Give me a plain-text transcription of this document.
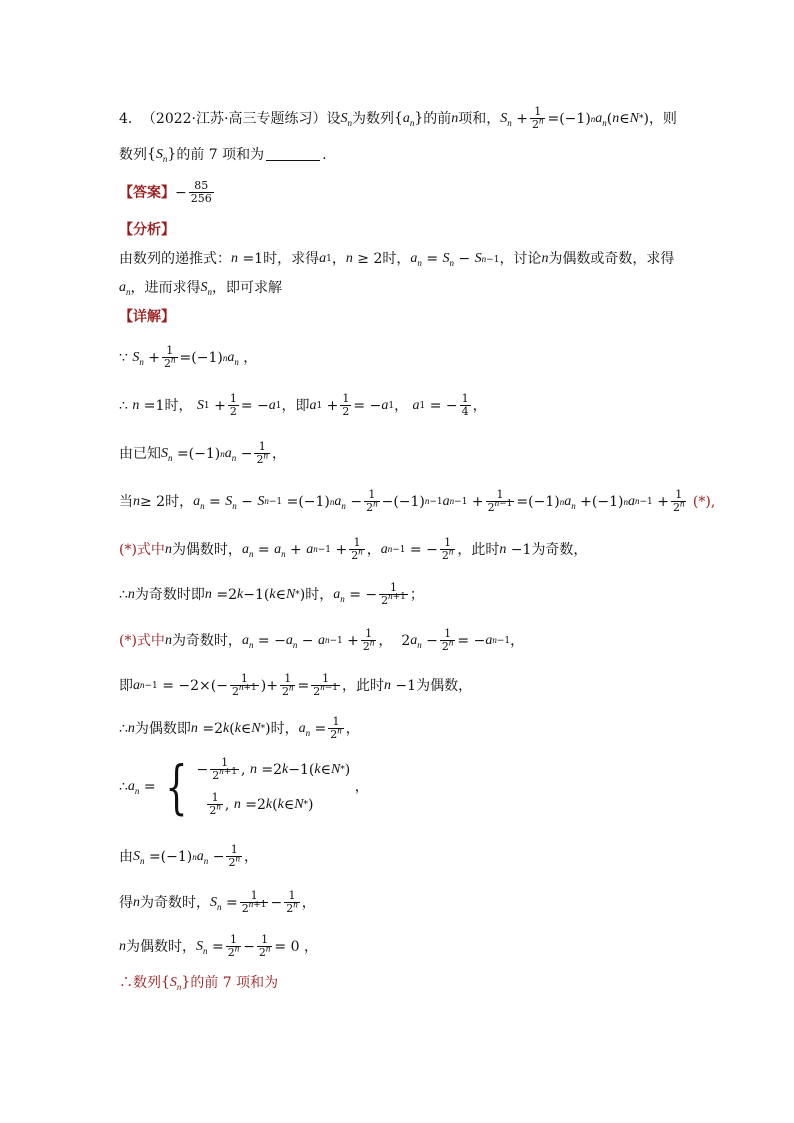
4． （2022·江苏·高三专题练习） 设 $S_n$ 为数列 $\{a_n\}$ 的前 n 项和， $S_n + \frac{1}{2^n} =(-1)$ n $a_n$ ( n ∈ N * ) ，则
数列 $\{S_n\}$ 的前 7 项和为	.
【答案】 − $\frac{85}{256}$
【分析】
由数列的递推式： n =1 时，求得 a 1 ， n ≥ 2 时， $a_n = S_n - S$ n−1 ，讨论 n 为偶数或奇数，求得
$a_n$ ，进而求得 $S_n$ ，即可求解
【详解】
∵ $S_n + \frac{1}{2^n} =(-1)$ n $a_n$ ，
∴ n =1时， S $1 + \frac{1}{2}$ = − a 1 ，即 a $1 + \frac{1}{2}$ = − a 1 ， a 1 = − $\frac{1}{4}$ ，
由已知 $S_n =(-1)$ n $a_n - \frac{1}{2^n}$ ，
当 n ≥ 2 时， $a_n = S_n - S$ n−1 =(−1) n $a_n - \frac{1}{2^n} -(-1)$ n−1 a $n-1 + \frac{1}{2^{n-1}} =(-1)$ n $a_n +(-1)$ n a $n-1 + \frac{1}{2^n}$
(*),
(*)式中 n 为偶数时， $a_n = a_n + a$ $n-1 + \frac{1}{2^n}$ ， a n−1 = − $\frac{1}{2^n}$ ，此时 n −1 为奇数，
∴ n 为奇数时即 n =2 k −1( k ∈ N * ) 时， $a_n$ = − $\frac{1}{2^{n+1}}$ ；
(*)式中 n 为奇数时， $a_n$ = − $a_n - a$ $n-1 + \frac{1}{2^n}$ ，  2 $a_n - \frac{1}{2^n}$ = − a n−1 ，
即 a $n-1 = -2\times(- \frac{1}{2^{n+1}}$ )+ $\frac{1}{2^n} = \frac{1}{2^{n-1}}$ ，此时 n −1 为偶数，
∴ n 为偶数即 n =2 k ( k ∈ N * ) 时， $a_n = \frac{1}{2^n}$ ，
∴ $a_n$ = { − $\frac{1}{2^{n+1}}$ , n =2 k −1( k ∈ N * )

$\frac{1}{2^n}$ , n =2 k ( k ∈ N * )
，
由 $S_n =(-1)$ n $a_n - \frac{1}{2^n}$ ，
得 n 为奇数时， $S_n = \frac{1}{2^{n+1}} - \frac{1}{2^n}$ ，
n 为偶数时， $S_n = \frac{1}{2^n} - \frac{1}{2^n} = 0$ ，
∴数列 $\{S_n\}$ 的前 7 项和为
